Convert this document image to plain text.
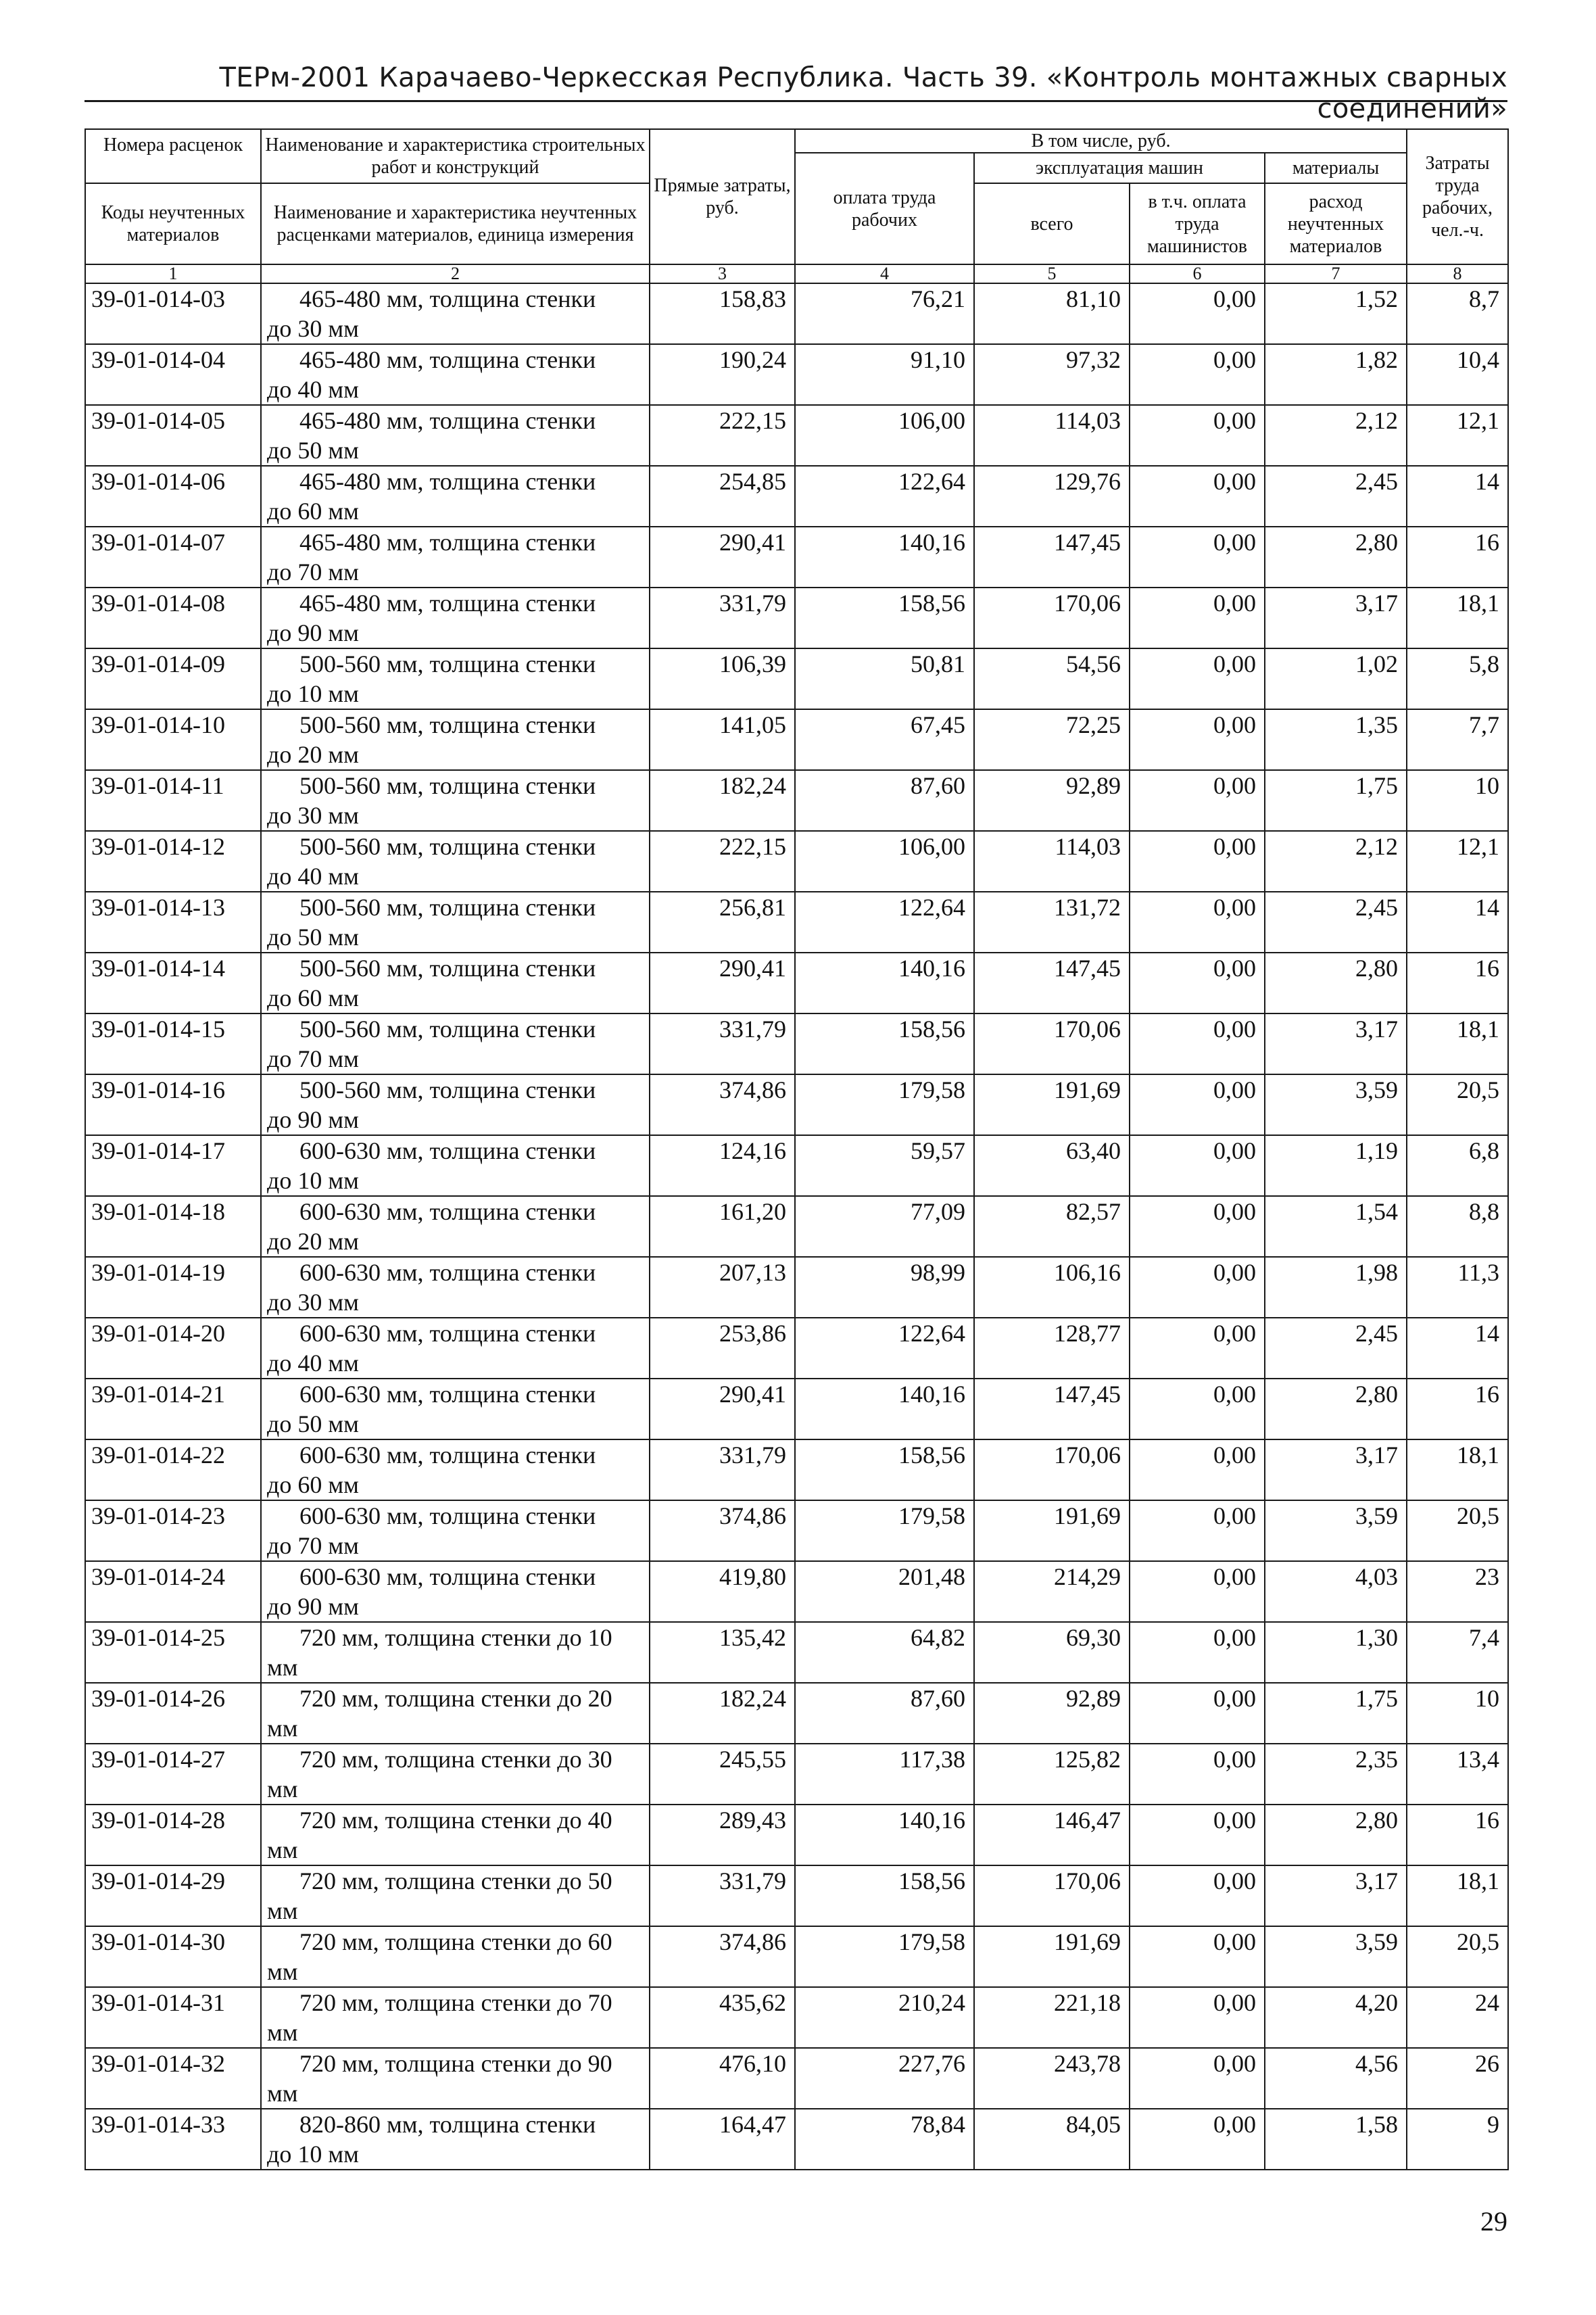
ТЕРм-2001 Карачаево-Черкесская Республика. Часть 39. «Контроль монтажных сварных соединений»
Номера расценок	Наименование и характеристика строительных работ и конструкций	Прямые затраты, руб.	В том числе, руб.				Затраты труда рабочих, чел.-ч.
			оплата труда рабочих	эксплуатация машин		материалы	
Коды неучтенных материалов	Наименование и характеристика неучтенных расценками материалов, единица измерения			всего	в т.ч. оплата труда машинистов	расход неучтенных материалов	

1	2	3	4	5	6	7	8
39-01-014-03	465-480 мм, толщина стенки
до 30 мм	158,83	76,21	81,10	0,00	1,52	8,7
39-01-014-04	465-480 мм, толщина стенки
до 40 мм	190,24	91,10	97,32	0,00	1,82	10,4
39-01-014-05	465-480 мм, толщина стенки
до 50 мм	222,15	106,00	114,03	0,00	2,12	12,1
39-01-014-06	465-480 мм, толщина стенки
до 60 мм	254,85	122,64	129,76	0,00	2,45	14
39-01-014-07	465-480 мм, толщина стенки
до 70 мм	290,41	140,16	147,45	0,00	2,80	16
39-01-014-08	465-480 мм, толщина стенки
до 90 мм	331,79	158,56	170,06	0,00	3,17	18,1
39-01-014-09	500-560 мм, толщина стенки
до 10 мм	106,39	50,81	54,56	0,00	1,02	5,8
39-01-014-10	500-560 мм, толщина стенки
до 20 мм	141,05	67,45	72,25	0,00	1,35	7,7
39-01-014-11	500-560 мм, толщина стенки
до 30 мм	182,24	87,60	92,89	0,00	1,75	10
39-01-014-12	500-560 мм, толщина стенки
до 40 мм	222,15	106,00	114,03	0,00	2,12	12,1
39-01-014-13	500-560 мм, толщина стенки
до 50 мм	256,81	122,64	131,72	0,00	2,45	14
39-01-014-14	500-560 мм, толщина стенки
до 60 мм	290,41	140,16	147,45	0,00	2,80	16
39-01-014-15	500-560 мм, толщина стенки
до 70 мм	331,79	158,56	170,06	0,00	3,17	18,1
39-01-014-16	500-560 мм, толщина стенки
до 90 мм	374,86	179,58	191,69	0,00	3,59	20,5
39-01-014-17	600-630 мм, толщина стенки
до 10 мм	124,16	59,57	63,40	0,00	1,19	6,8
39-01-014-18	600-630 мм, толщина стенки
до 20 мм	161,20	77,09	82,57	0,00	1,54	8,8
39-01-014-19	600-630 мм, толщина стенки
до 30 мм	207,13	98,99	106,16	0,00	1,98	11,3
39-01-014-20	600-630 мм, толщина стенки
до 40 мм	253,86	122,64	128,77	0,00	2,45	14
39-01-014-21	600-630 мм, толщина стенки
до 50 мм	290,41	140,16	147,45	0,00	2,80	16
39-01-014-22	600-630 мм, толщина стенки
до 60 мм	331,79	158,56	170,06	0,00	3,17	18,1
39-01-014-23	600-630 мм, толщина стенки
до 70 мм	374,86	179,58	191,69	0,00	3,59	20,5
39-01-014-24	600-630 мм, толщина стенки
до 90 мм	419,80	201,48	214,29	0,00	4,03	23
39-01-014-25	720 мм, толщина стенки до 10
мм	135,42	64,82	69,30	0,00	1,30	7,4
39-01-014-26	720 мм, толщина стенки до 20
мм	182,24	87,60	92,89	0,00	1,75	10
39-01-014-27	720 мм, толщина стенки до 30
мм	245,55	117,38	125,82	0,00	2,35	13,4
39-01-014-28	720 мм, толщина стенки до 40
мм	289,43	140,16	146,47	0,00	2,80	16
39-01-014-29	720 мм, толщина стенки до 50
мм	331,79	158,56	170,06	0,00	3,17	18,1
39-01-014-30	720 мм, толщина стенки до 60
мм	374,86	179,58	191,69	0,00	3,59	20,5
39-01-014-31	720 мм, толщина стенки до 70
мм	435,62	210,24	221,18	0,00	4,20	24
39-01-014-32	720 мм, толщина стенки до 90
мм	476,10	227,76	243,78	0,00	4,56	26
39-01-014-33	820-860 мм, толщина стенки
до 10 мм	164,47	78,84	84,05	0,00	1,58	9
29
